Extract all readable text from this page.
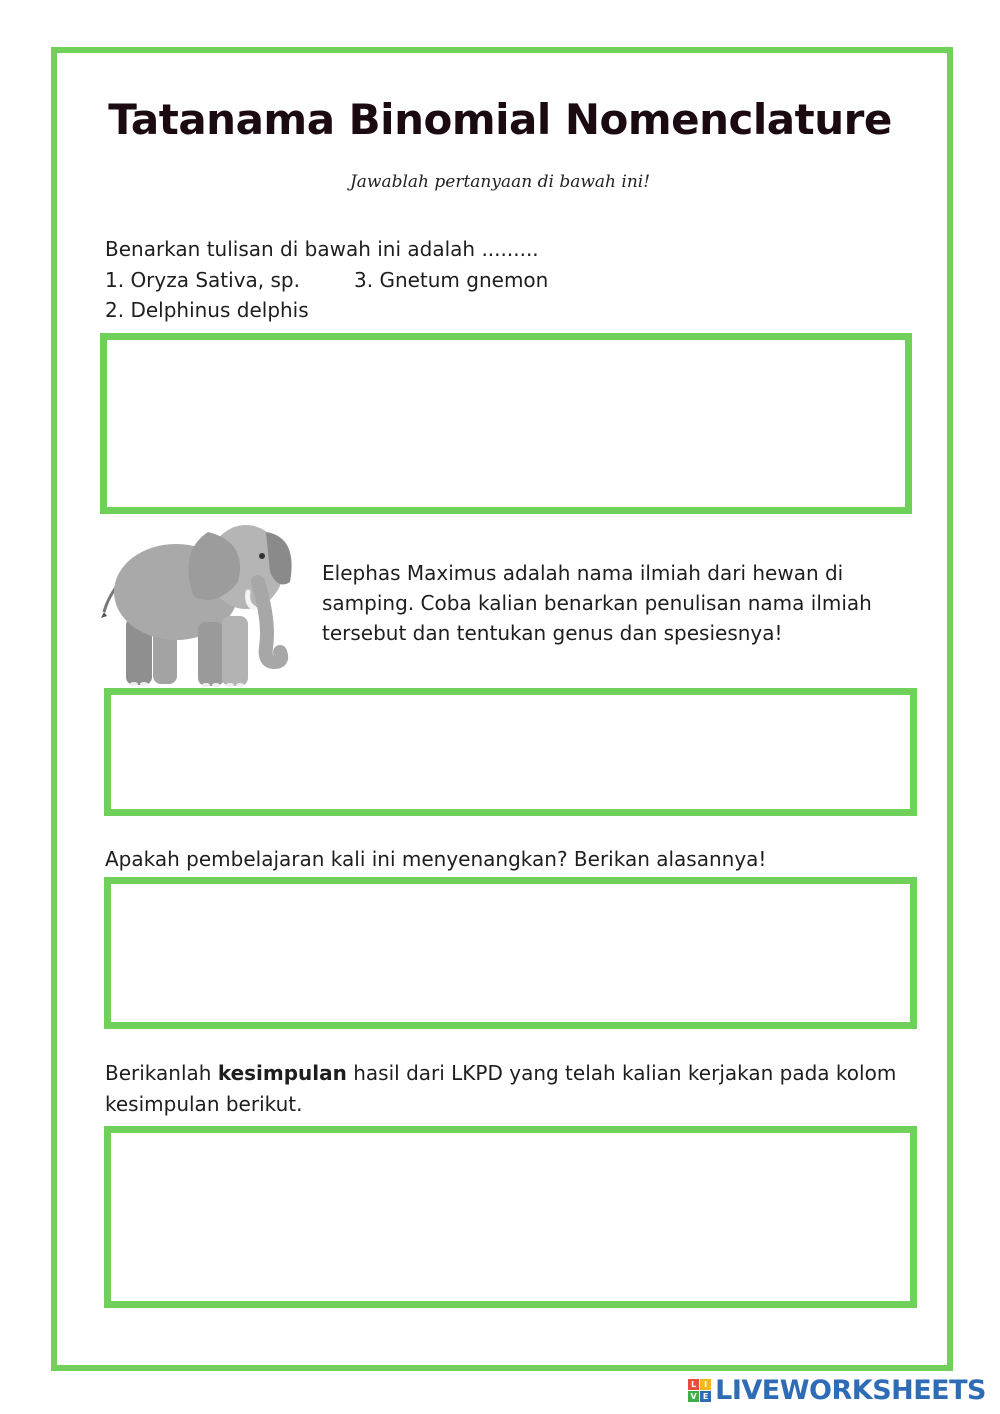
Tatanama Binomial Nomenclature
Jawablah pertanyaan di bawah ini!
Benarkan tulisan di bawah ini adalah .........
1. Oryza Sativa, sp.	3. Gnetum gnemon
2. Delphinus delphis
Elephas Maximus adalah nama ilmiah dari hewan di
samping. Coba kalian benarkan penulisan nama ilmiah
tersebut dan tentukan genus dan spesiesnya!
Apakah pembelajaran kali ini menyenangkan? Berikan alasannya!
Berikanlah kesimpulan hasil dari LKPD yang telah kalian kerjakan pada kolom
kesimpulan berikut.
L I
V E LIVEWORKSHEETS
